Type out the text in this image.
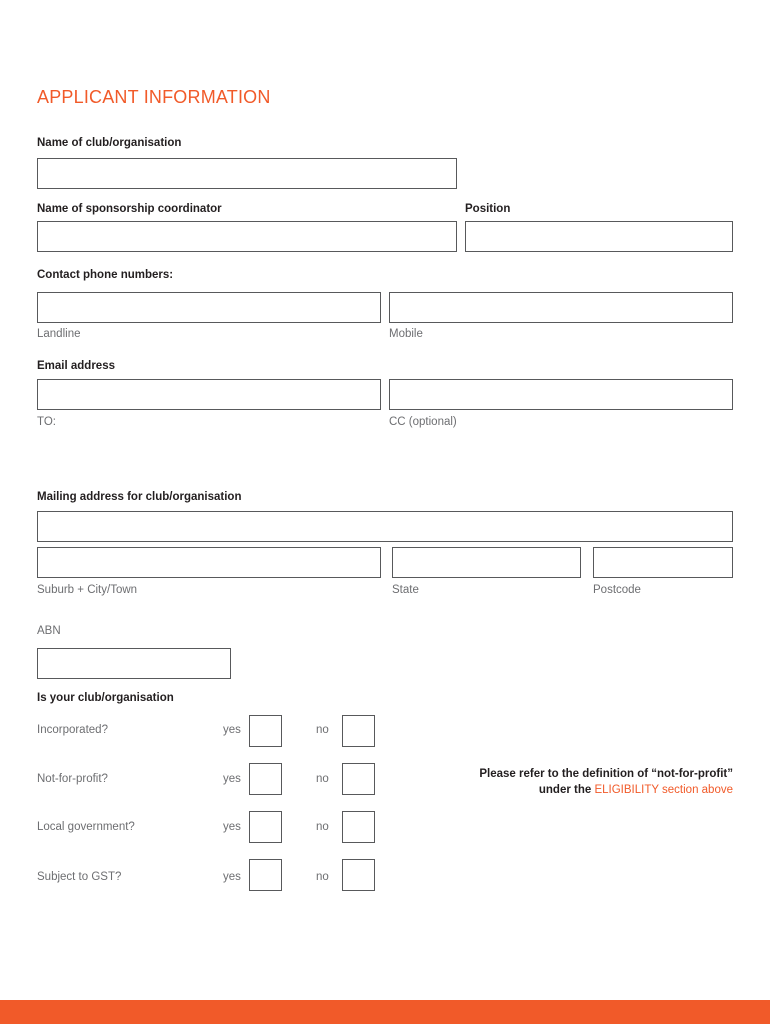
APPLICANT INFORMATION
Name of club/organisation
Name of sponsorship coordinator	Position
Contact phone numbers:
Landline	Mobile
Email address
TO:	CC (optional)
Mailing address for club/organisation
Suburb + City/Town	State	Postcode
ABN
Is your club/organisation
Incorporated?	yes	no
Not-for-profit?	yes	no
Local government?	yes	no
Subject to GST?	yes	no
Please refer to the definition of “not-for-profit”
under the ELIGIBILITY section above
